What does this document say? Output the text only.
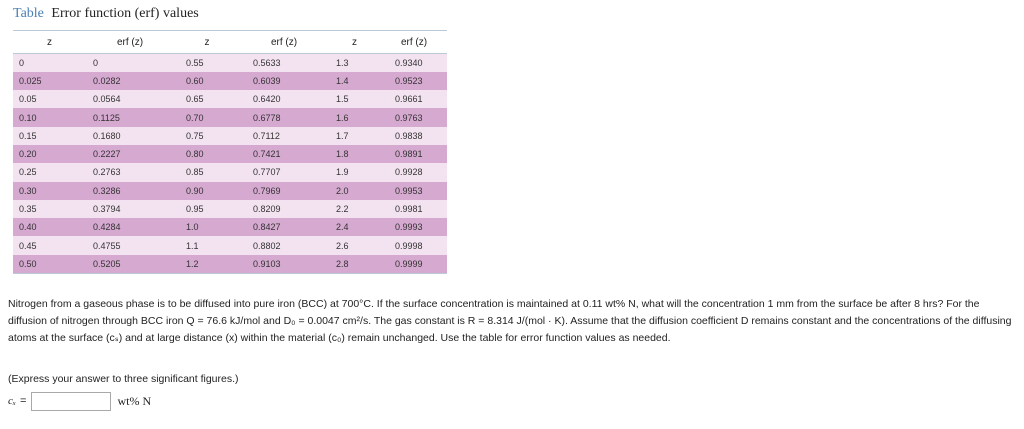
Table Error function (erf) values
z	erf (z)	z	erf (z)	z	erf (z)
0	0	0.55	0.5633	1.3	0.9340
0.025	0.0282	0.60	0.6039	1.4	0.9523
0.05	0.0564	0.65	0.6420	1.5	0.9661
0.10	0.1125	0.70	0.6778	1.6	0.9763
0.15	0.1680	0.75	0.7112	1.7	0.9838
0.20	0.2227	0.80	0.7421	1.8	0.9891
0.25	0.2763	0.85	0.7707	1.9	0.9928
0.30	0.3286	0.90	0.7969	2.0	0.9953
0.35	0.3794	0.95	0.8209	2.2	0.9981
0.40	0.4284	1.0	0.8427	2.4	0.9993
0.45	0.4755	1.1	0.8802	2.6	0.9998
0.50	0.5205	1.2	0.9103	2.8	0.9999

Nitrogen from a gaseous phase is to be diffused into pure iron (BCC) at 700°C. If the surface concentration is maintained at 0.11 wt% N, what will the concentration 1 mm from the surface be after 8 hrs? For the diffusion of nitrogen through BCC iron Q = 76.6 kJ/mol and D₀ = 0.0047 cm²/s. The gas constant is R = 8.314 J/(mol · K). Assume that the diffusion coefficient D remains constant and the concentrations of the diffusing atoms at the surface (cₛ) and at large distance (x) within the material (c₀) remain unchanged. Use the table for error function values as needed.

(Express your answer to three significant figures.)
cₓ =	wt% N
